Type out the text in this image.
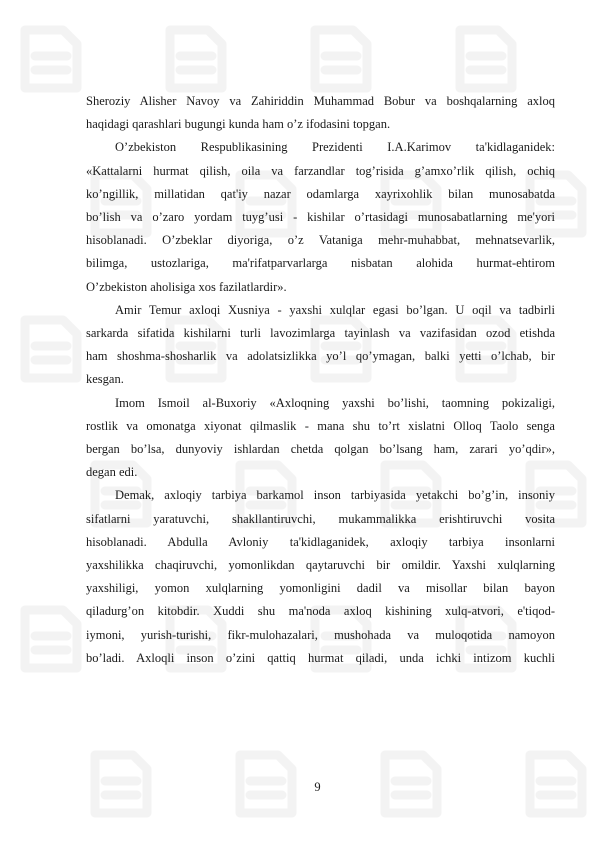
Sheroziy Alisher Navoy va Zahiriddin Muhammad Bobur va boshqalarning axloq

haqidagi qarashlari bugungi kunda ham o’z ifodasini topgan.

O’zbekiston Respublikasining Prezidenti I.A.Karimov ta'kidlaganidek:

«Kattalarni hurmat qilish, oila va farzandlar tog’risida g’amxo’rlik qilish, ochiq

ko’ngillik, millatidan qat'iy nazar odamlarga xayrixohlik bilan munosabatda

bo’lish va o’zaro yordam tuyg’usi - kishilar o’rtasidagi munosabatlarning me'yori

hisoblanadi. O’zbeklar diyoriga, o’z Vataniga mehr-muhabbat, mehnatsevarlik,

bilimga, ustozlariga, ma'rifatparvarlarga nisbatan alohida hurmat-ehtirom

O’zbekiston aholisiga xos fazilatlardir».

Amir Temur axloqi Xusniya - yaxshi xulqlar egasi bo’lgan. U oqil va tadbirli

sarkarda sifatida kishilarni turli lavozimlarga tayinlash va vazifasidan ozod etishda

ham shoshma-shosharlik va adolatsizlikka yo’l qo’ymagan, balki yetti o’lchab, bir

kesgan.

Imom Ismoil al-Buxoriy «Axloqning yaxshi bo’lishi, taomning pokizaligi,

rostlik va omonatga xiyonat qilmaslik - mana shu to’rt xislatni Olloq Taolo senga

bergan bo’lsa, dunyoviy ishlardan chetda qolgan bo’lsang ham, zarari yo’qdir»,

degan edi.

Demak, axloqiy tarbiya barkamol inson tarbiyasida yetakchi bo’g’in, insoniy

sifatlarni yaratuvchi, shakllantiruvchi, mukammalikka erishtiruvchi vosita

hisoblanadi. Abdulla Avloniy ta'kidlaganidek, axloqiy tarbiya insonlarni

yaxshilikka chaqiruvchi, yomonlikdan qaytaruvchi bir omildir. Yaxshi xulqlarning

yaxshiligi, yomon xulqlarning yomonligini dadil va misollar bilan bayon

qiladurg’on kitobdir. Xuddi shu ma'noda axloq kishining xulq-atvori, e'tiqod-

iymoni, yurish-turishi, fikr-mulohazalari, mushohada va muloqotida namoyon

bo’ladi. Axloqli inson o’zini qattiq hurmat qiladi, unda ichki intizom kuchli

9
